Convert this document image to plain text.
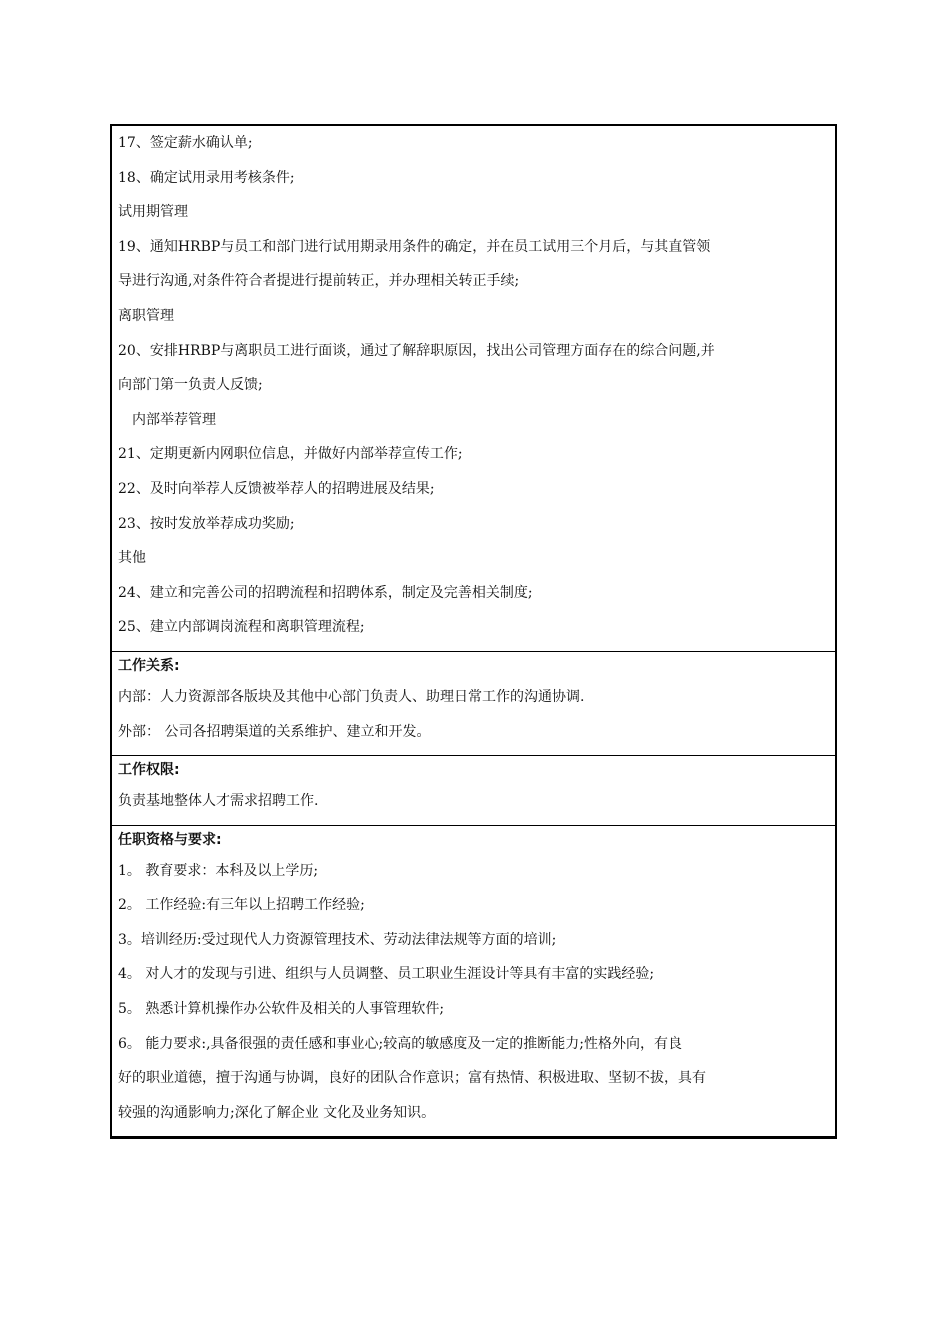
17、签定薪水确认单;
18、确定试用录用考核条件;
试用期管理
19、通知HRBP与员工和部门进行试用期录用条件的确定，并在员工试用三个月后，与其直管领
导进行沟通,对条件符合者提进行提前转正，并办理相关转正手续;
离职管理
20、安排HRBP与离职员工进行面谈，通过了解辞职原因，找出公司管理方面存在的综合问题,并
向部门第一负责人反馈;
内部举荐管理
21、定期更新内网职位信息，并做好内部举荐宣传工作;
22、及时向举荐人反馈被举荐人的招聘进展及结果;
23、按时发放举荐成功奖励;
其他
24、建立和完善公司的招聘流程和招聘体系，制定及完善相关制度;
25、建立内部调岗流程和离职管理流程;

工作关系:
内部：人力资源部各版块及其他中心部门负责人、助理日常工作的沟通协调.
外部： 公司各招聘渠道的关系维护、建立和开发。

工作权限:
负责基地整体人才需求招聘工作.

任职资格与要求:
1。 教育要求：本科及以上学历;
2。 工作经验:有三年以上招聘工作经验;
3。培训经历:受过现代人力资源管理技术、劳动法律法规等方面的培训;
4。 对人才的发现与引进、组织与人员调整、员工职业生涯设计等具有丰富的实践经验;
5。 熟悉计算机操作办公软件及相关的人事管理软件;
6。 能力要求:,具备很强的责任感和事业心;较高的敏感度及一定的推断能力;性格外向，有良
好的职业道德，擅于沟通与协调，良好的团队合作意识；富有热情、积极进取、坚韧不拔，具有
较强的沟通影响力;深化了解企业 文化及业务知识。
